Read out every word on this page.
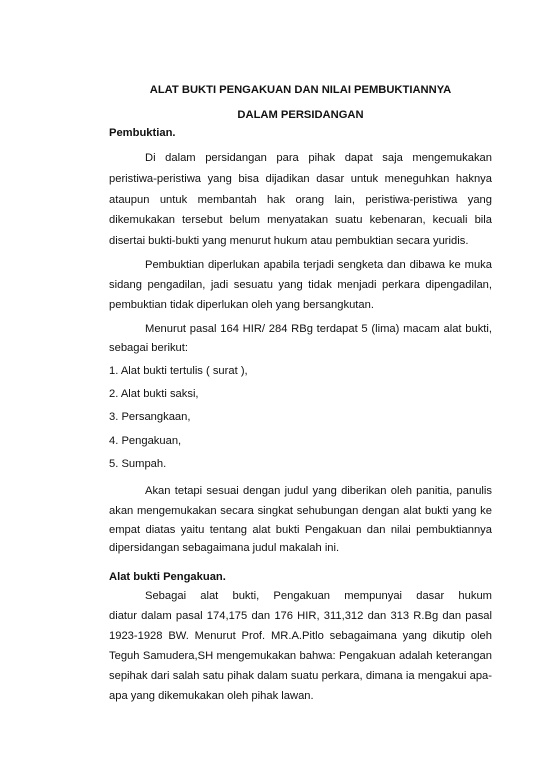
ALAT BUKTI PENGAKUAN DAN NILAI PEMBUKTIANNYA
DALAM PERSIDANGAN
Pembuktian.
Di dalam persidangan para pihak dapat saja mengemukakan
peristiwa-peristiwa yang bisa dijadikan dasar untuk meneguhkan haknya
ataupun untuk membantah hak orang lain, peristiwa-peristiwa yang
dikemukakan tersebut belum menyatakan suatu kebenaran, kecuali bila
disertai bukti-bukti yang menurut hukum atau pembuktian secara yuridis.
Pembuktian diperlukan apabila terjadi sengketa dan dibawa ke muka
sidang pengadilan, jadi sesuatu yang tidak menjadi perkara dipengadilan,
pembuktian tidak diperlukan oleh yang bersangkutan.
Menurut pasal 164 HIR/ 284 RBg terdapat 5 (lima) macam alat bukti,
sebagai berikut:
1. Alat bukti tertulis ( surat ),
2. Alat bukti saksi,
3. Persangkaan,
4. Pengakuan,
5. Sumpah.
Akan tetapi sesuai dengan judul yang diberikan oleh panitia, panulis
akan mengemukakan secara singkat sehubungan dengan alat bukti yang ke
empat diatas yaitu tentang alat bukti Pengakuan dan nilai pembuktiannya
dipersidangan sebagaimana judul makalah ini.
Alat bukti Pengakuan.
Sebagai alat bukti, Pengakuan mempunyai dasar hukum
diatur dalam pasal 174,175 dan 176 HIR, 311,312 dan 313 R.Bg dan pasal
1923-1928 BW. Menurut Prof. MR.A.Pitlo sebagaimana yang dikutip oleh
Teguh Samudera,SH mengemukakan bahwa: Pengakuan adalah keterangan
sepihak dari salah satu pihak dalam suatu perkara, dimana ia mengakui apa-
apa yang dikemukakan oleh pihak lawan.
